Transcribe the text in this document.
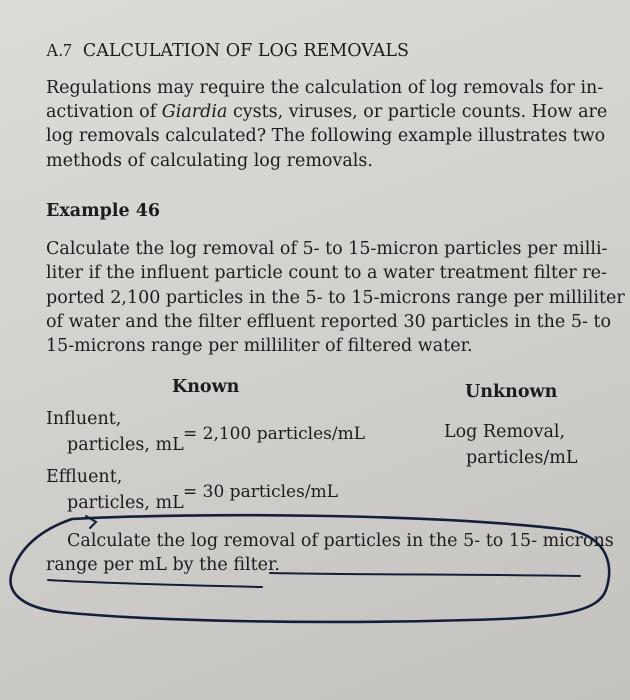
A.7 CALCULATION OF LOG REMOVALS

Regulations may require the calculation of log removals for in-

activation of Giardia cysts, viruses, or particle counts. How are

log removals calculated? The following example illustrates two

methods of calculating log removals.

Example 46

Calculate the log removal of 5- to 15-micron particles per milli-

liter if the influent particle count to a water treatment filter re-

ported 2,100 particles in the 5- to 15-microns range per milliliter

of water and the filter effluent reported 30 particles in the 5- to

15-microns range per milliliter of filtered water.

Known	Unknown

Influent,

particles, mL

= 2,100 particles/mL	Log Removal,

particles/mL

Effluent,

particles, mL

= 30 particles/mL

Calculate the log removal of particles in the 5- to 15- microns

range per mL by the filter.
